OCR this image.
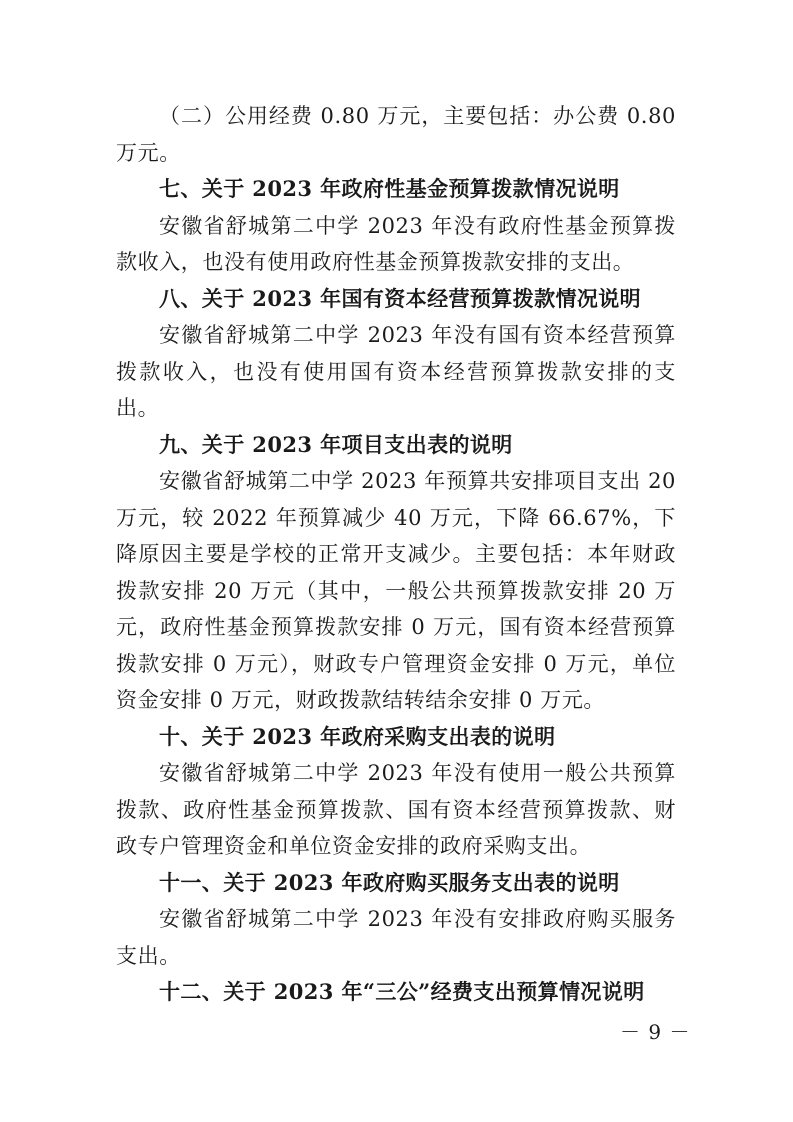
（二）公用经费 0.80 万元，主要包括：办公费 0.80 万元。

七、关于 2023 年政府性基金预算拨款情况说明

安徽省舒城第二中学 2023 年没有政府性基金预算拨款收入，也没有使用政府性基金预算拨款安排的支出。

八、关于 2023 年国有资本经营预算拨款情况说明

安徽省舒城第二中学 2023 年没有国有资本经营预算拨款收入，也没有使用国有资本经营预算拨款安排的支出。

九、关于 2023 年项目支出表的说明

安徽省舒城第二中学 2023 年预算共安排项目支出 20 万元，较 2022 年预算减少 40 万元，下降 66.67%，下降原因主要是学校的正常开支减少。主要包括：本年财政拨款安排 20 万元（其中，一般公共预算拨款安排 20 万元，政府性基金预算拨款安排 0 万元，国有资本经营预算拨款安排 0 万元），财政专户管理资金安排 0 万元，单位资金安排 0 万元，财政拨款结转结余安排 0 万元。

十、关于 2023 年政府采购支出表的说明

安徽省舒城第二中学 2023 年没有使用一般公共预算拨款、政府性基金预算拨款、国有资本经营预算拨款、财政专户管理资金和单位资金安排的政府采购支出。

十一、关于 2023 年政府购买服务支出表的说明

安徽省舒城第二中学 2023 年没有安排政府购买服务支出。

十二、关于 2023 年“三公”经费支出预算情况说明

－ 9 －
